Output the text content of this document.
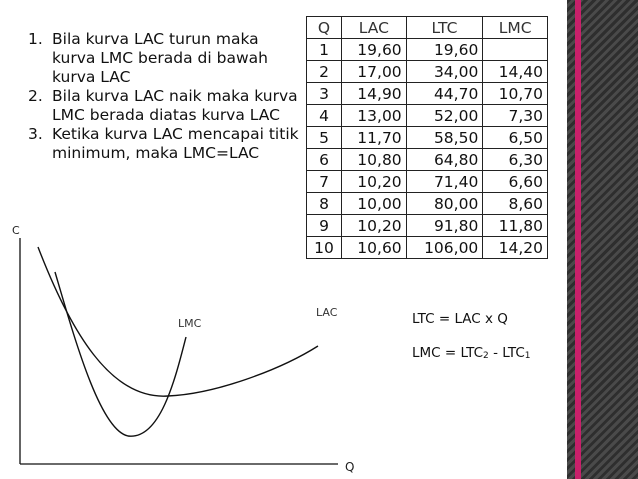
1. Bila kurva LAC turun maka kurva LMC berada di bawah kurva LAC
2. Bila kurva LAC naik maka kurva LMC berada diatas kurva LAC
3. Ketika kurva LAC mencapai titik minimum, maka LMC=LAC
Q	LAC	LTC	LMC
1	19,60	19,60	
2	17,00	34,00	14,40
3	14,90	44,70	10,70
4	13,00	52,00	7,30
5	11,70	58,50	6,50
6	10,80	64,80	6,30
7	10,20	71,40	6,60
8	10,00	80,00	8,60
9	10,20	91,80	11,80
10	10,60	106,00	14,20
C
Q
LMC
LAC	LTC = LAC x Q
LMC = $LTC_2 - LTC_1$
